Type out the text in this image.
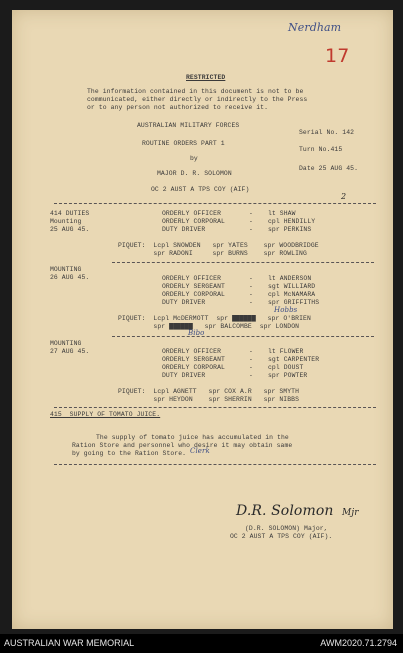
Nerdham
17
2
RESTRICTED
The information contained in this document is not to be
communicated, either directly or indirectly to the Press
or to any person not authorized to receive it.
AUSTRALIAN MILITARY FORCES
ROUTINE ORDERS PART 1
by
MAJOR D. R. SOLOMON
OC 2 AUST A TPS COY (AIF)
Serial No. 142
Turn No.415
Date 25 AUG 45.
414 DUTIES
Mounting
25 AUG 45.
ORDERLY OFFICER	- lt SHAW
ORDERLY CORPORAL	- cpl HENDILLY
DUTY DRIVER	- spr PERKINS
PIQUET:  Lcpl SNOWDEN   spr YATES    spr WOODBRIDGE
spr RADONI     spr BURNS    spr ROWLING
MOUNTING
26 AUG 45.	ORDERLY OFFICER	- lt ANDERSON
ORDERLY SERGEANT	- sgt WILLIARD
ORDERLY CORPORAL	- cpl McNAMARA
DUTY DRIVER	- spr GRIFFITHS
Hobbs
PIQUET:  Lcpl McDERMOTT  spr ▇▇▇▇▇▇   spr O'BRIEN
spr ▇▇▇▇▇▇   spr BALCOMBE  spr LONDON
Bibo
MOUNTING
27 AUG 45.	ORDERLY OFFICER	- lt FLOWER
ORDERLY SERGEANT	- sgt CARPENTER
ORDERLY CORPORAL	- cpl DOUST
DUTY DRIVER	- spr POWTER
PIQUET:  Lcpl AGNETT   spr COX A.R   spr SMYTH
spr HEYDON    spr SHERRIN   spr NIBBS
415  SUPPLY OF TOMATO JUICE.
The supply of tomato juice has accumulated in the
Ration Store and personnel who desire it may obtain same
by going to the Ration Store. Clerk
D.R. Solomon Mjr
(D.R. SOLOMON) Major,
OC 2 AUST A TPS COY (AIF).
AUSTRALIAN WAR MEMORIAL	AWM2020.71.2794
